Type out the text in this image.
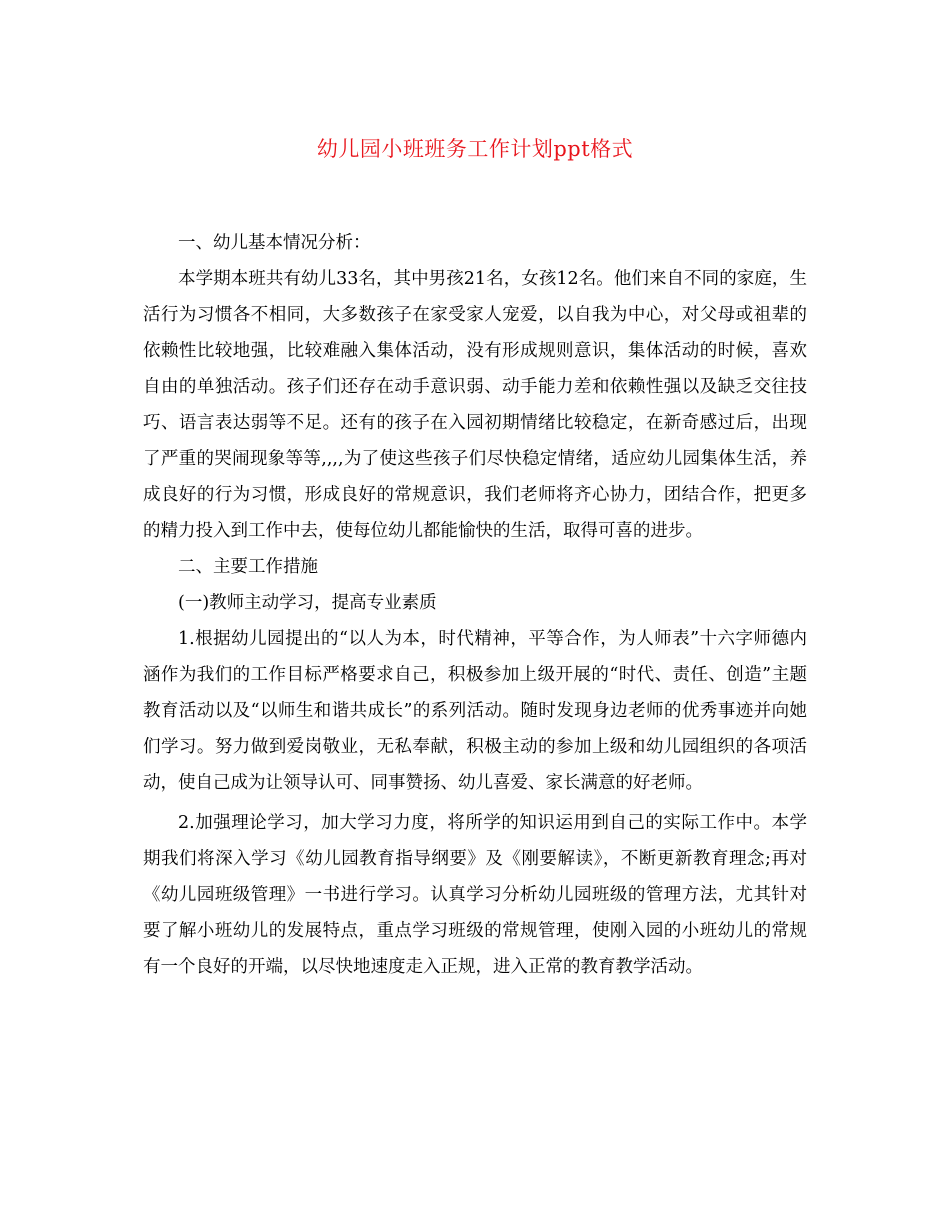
幼儿园小班班务工作计划ppt格式

一、幼儿基本情况分析：

本学期本班共有幼儿33名，其中男孩21名，女孩12名。他们来自不同的家庭，生活行为习惯各不相同，大多数孩子在家受家人宠爱，以自我为中心，对父母或祖辈的依赖性比较地强，比较难融入集体活动，没有形成规则意识，集体活动的时候，喜欢自由的单独活动。孩子们还存在动手意识弱、动手能力差和依赖性强以及缺乏交往技巧、语言表达弱等不足。还有的孩子在入园初期情绪比较稳定，在新奇感过后，出现了严重的哭闹现象等等,,,,为了使这些孩子们尽快稳定情绪，适应幼儿园集体生活，养成良好的行为习惯，形成良好的常规意识，我们老师将齐心协力，团结合作，把更多的精力投入到工作中去，使每位幼儿都能愉快的生活，取得可喜的进步。

二、主要工作措施

(一)教师主动学习，提高专业素质

1.根据幼儿园提出的“以人为本，时代精神，平等合作，为人师表”十六字师德内涵作为我们的工作目标严格要求自己，积极参加上级开展的“时代、责任、创造”主题教育活动以及“以师生和谐共成长”的系列活动。随时发现身边老师的优秀事迹并向她们学习。努力做到爱岗敬业，无私奉献，积极主动的参加上级和幼儿园组织的各项活动，使自己成为让领导认可、同事赞扬、幼儿喜爱、家长满意的好老师。

2.加强理论学习，加大学习力度，将所学的知识运用到自己的实际工作中。本学期我们将深入学习《幼儿园教育指导纲要》及《刚要解读》，不断更新教育理念;再对《幼儿园班级管理》一书进行学习。认真学习分析幼儿园班级的管理方法，尤其针对要了解小班幼儿的发展特点，重点学习班级的常规管理，使刚入园的小班幼儿的常规有一个良好的开端，以尽快地速度走入正规，进入正常的教育教学活动。
